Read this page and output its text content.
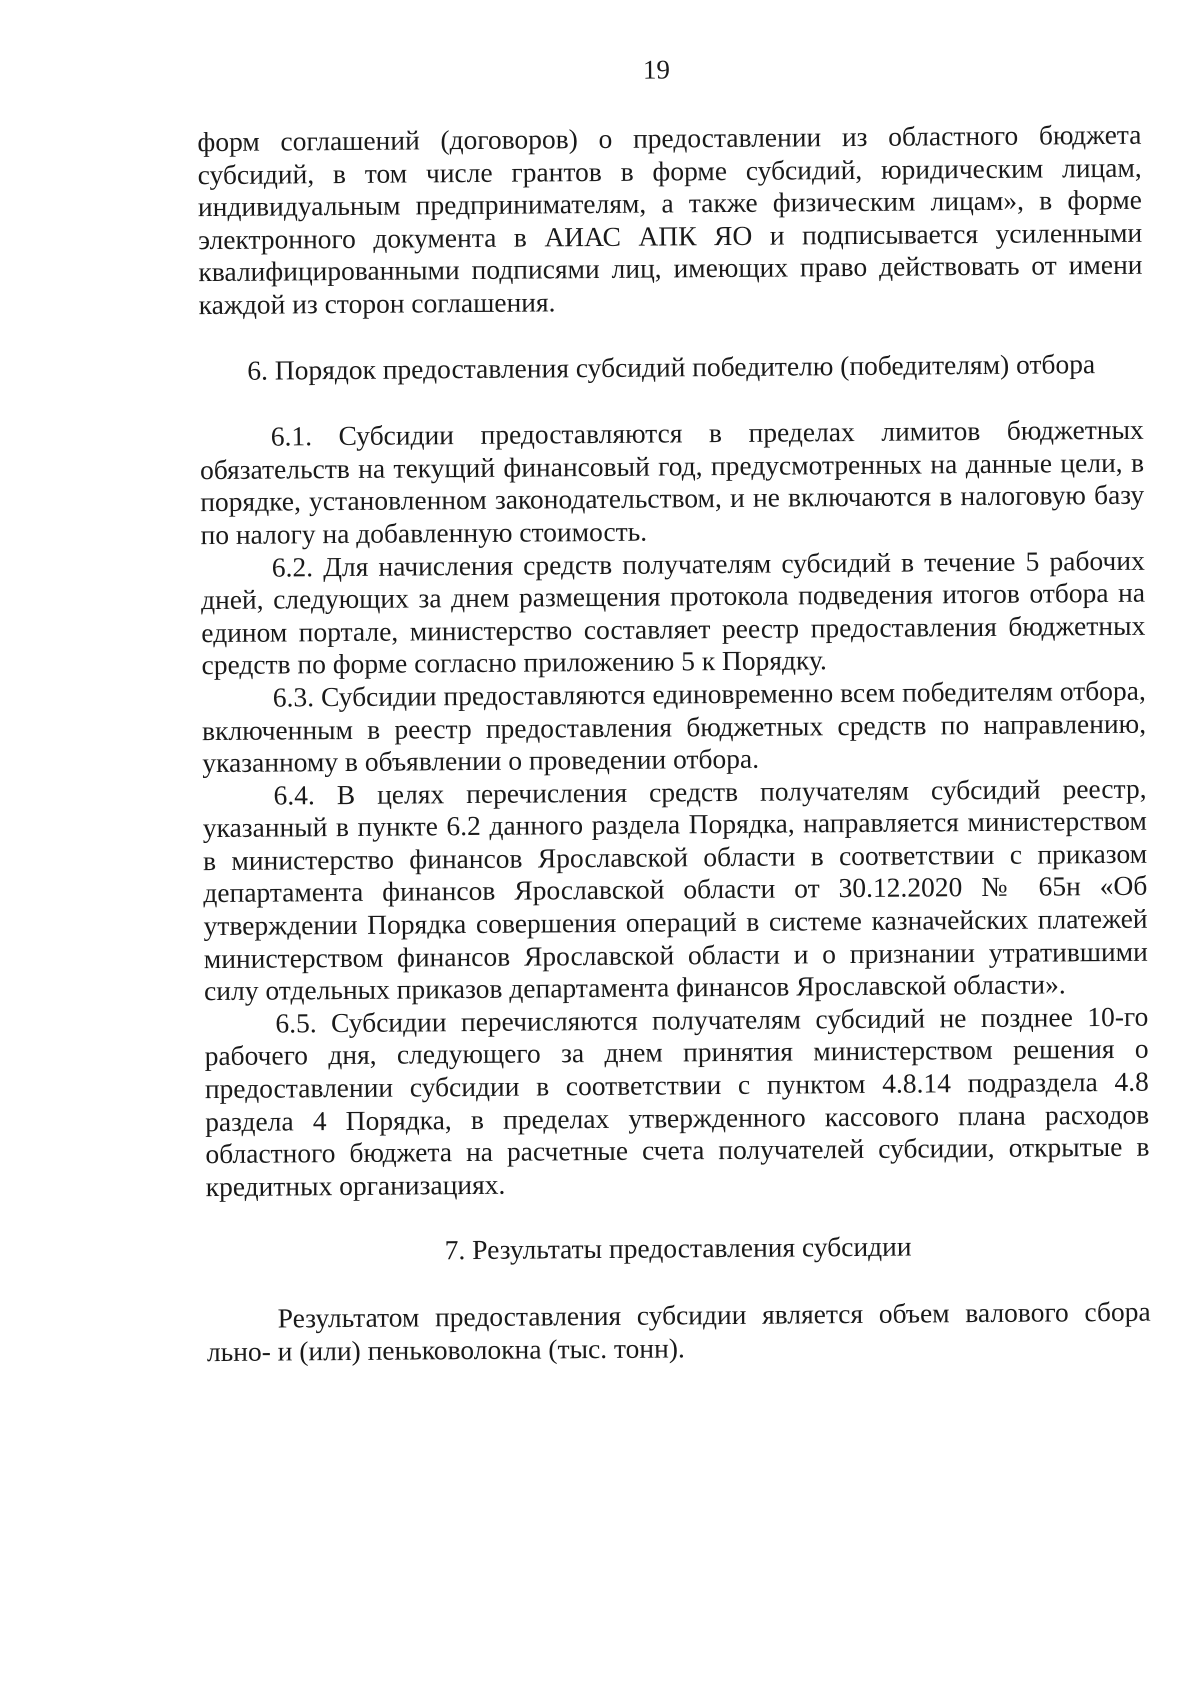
19

форм соглашений (договоров) о предоставлении из областного бюджета субсидий, в том числе грантов в форме субсидий, юридическим лицам, индивидуальным предпринимателям, а также физическим лицам», в форме электронного документа в АИАС АПК ЯО и подписывается усиленными квалифицированными подписями лиц, имеющих право действовать от имени каждой из сторон соглашения.

6. Порядок предоставления субсидий победителю (победителям) отбора

6.1. Субсидии предоставляются в пределах лимитов бюджетных обязательств на текущий финансовый год, предусмотренных на данные цели, в порядке, установленном законодательством, и не включаются в налоговую базу по налогу на добавленную стоимость.

6.2. Для начисления средств получателям субсидий в течение 5 рабочих дней, следующих за днем размещения протокола подведения итогов отбора на едином портале, министерство составляет реестр предоставления бюджетных средств по форме согласно приложению 5 к Порядку.

6.3. Субсидии предоставляются единовременно всем победителям отбора, включенным в реестр предоставления бюджетных средств по направлению, указанному в объявлении о проведении отбора.

6.4. В целях перечисления средств получателям субсидий реестр, указанный в пункте 6.2 данного раздела Порядка, направляется министерством в министерство финансов Ярославской области в соответствии с приказом департамента финансов Ярославской области от 30.12.2020 № 65н «Об утверждении Порядка совершения операций в системе казначейских платежей министерством финансов Ярославской области и о признании утратившими силу отдельных приказов департамента финансов Ярославской области».

6.5. Субсидии перечисляются получателям субсидий не позднее 10-го рабочего дня, следующего за днем принятия министерством решения о предоставлении субсидии в соответствии с пунктом 4.8.14 подраздела 4.8 раздела 4 Порядка, в пределах утвержденного кассового плана расходов областного бюджета на расчетные счета получателей субсидии, открытые в кредитных организациях.

7. Результаты предоставления субсидии

Результатом предоставления субсидии является объем валового сбора льно- и (или) пеньковолокна (тыс. тонн).
